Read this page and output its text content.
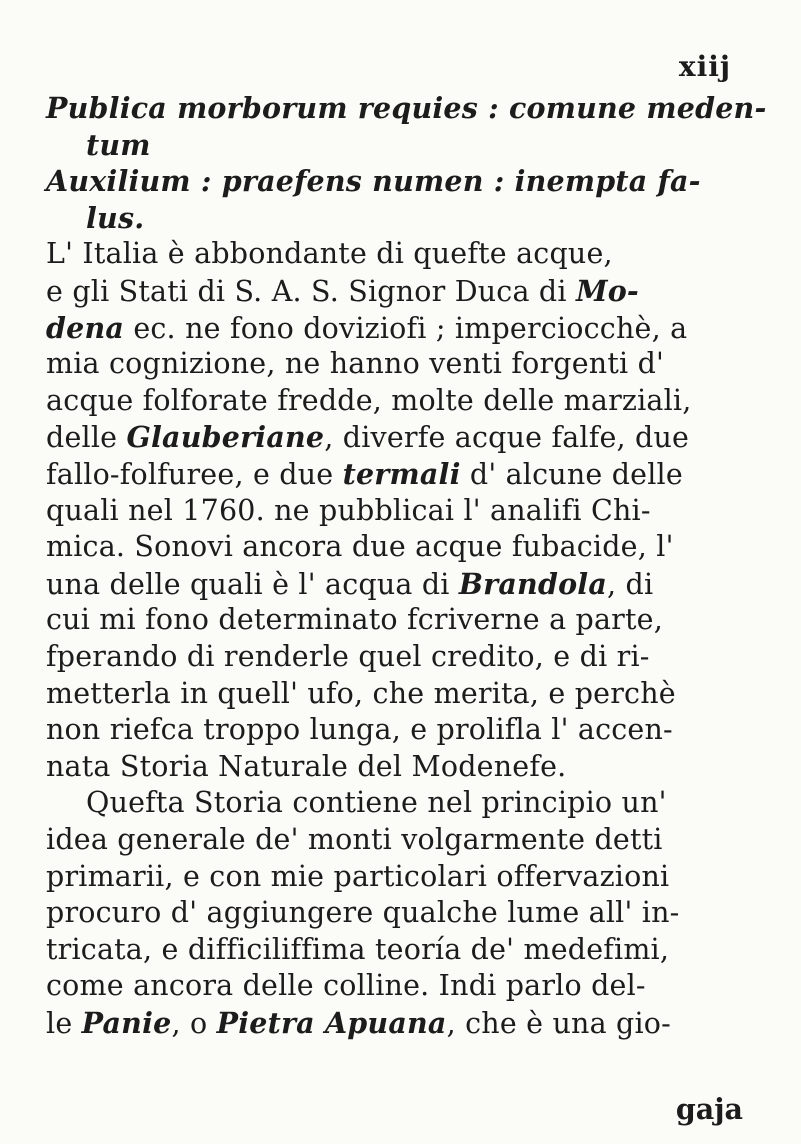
xiij
Publica morborum requies : comune meden-
tum
Auxilium : praefens numen : inempta fa-
lus.
L' Italia è abbondante di quefte acque,
e gli Stati di S. A. S. Signor Duca di Mo-
dena ec. ne fono doviziofi ; imperciocchè, a
mia cognizione, ne hanno venti forgenti d'
acque folforate fredde, molte delle marziali,
delle Glauberiane, diverfe acque falfe, due
fallo-folfuree, e due termali d' alcune delle
quali nel 1760. ne pubblicai l' analifi Chi-
mica. Sonovi ancora due acque fubacide, l'
una delle quali è l' acqua di Brandola, di
cui mi fono determinato fcriverne a parte,
fperando di renderle quel credito, e di ri-
metterla in quell' ufo, che merita, e perchè
non riefca troppo lunga, e prolifla l' accen-
nata Storia Naturale del Modenefe.
Quefta Storia contiene nel principio un'
idea generale de' monti volgarmente detti
primarii, e con mie particolari offervazioni
procuro d' aggiungere qualche lume all' in-
tricata, e difficiliffima teoría de' medefimi,
come ancora delle colline. Indi parlo del-
le Panie, o Pietra Apuana, che è una gio-
gaja
